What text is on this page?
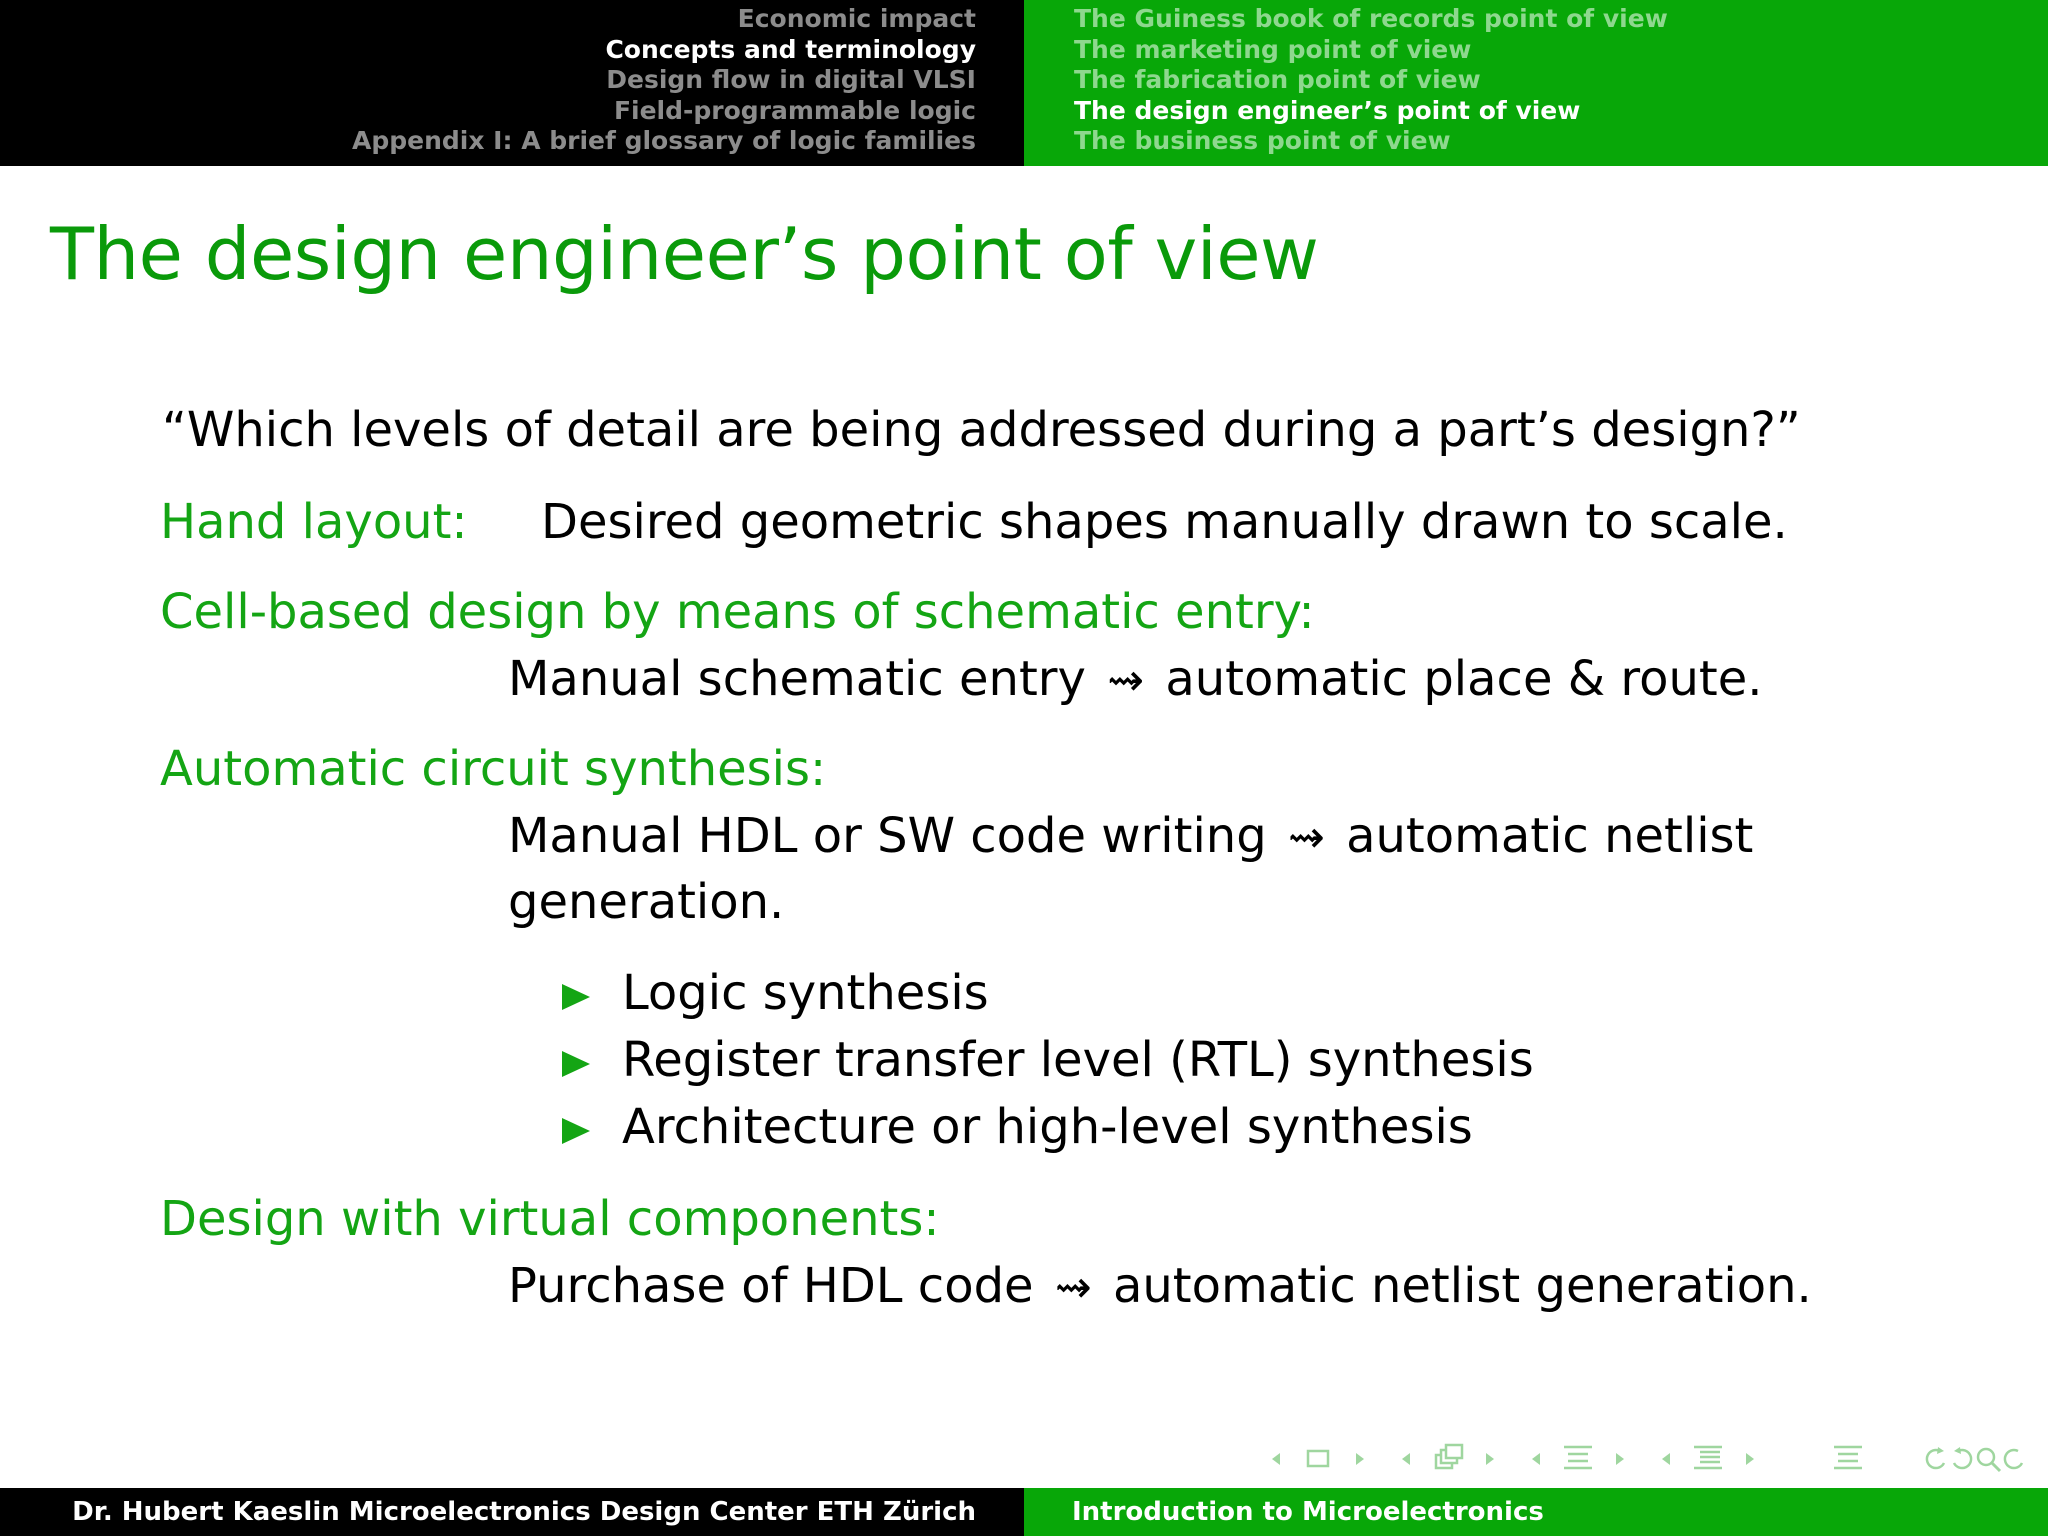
Economic impact
Concepts and terminology
Design flow in digital VLSI
Field-programmable logic
Appendix I: A brief glossary of logic families
The Guiness book of records point of view
The marketing point of view
The fabrication point of view
The design engineer’s point of view
The business point of view
The design engineer’s point of view
“Which levels of detail are being addressed during a part’s design?”
Hand layout: Desired geometric shapes manually drawn to scale.
Cell-based design by means of schematic entry:
Manual schematic entry ⇝ automatic place & route.
Automatic circuit synthesis:
Manual HDL or SW code writing ⇝ automatic netlist
generation.
Logic synthesis
Register transfer level (RTL) synthesis
Architecture or high-level synthesis
Design with virtual components:
Purchase of HDL code ⇝ automatic netlist generation.
Dr. Hubert Kaeslin Microelectronics Design Center ETH Zürich	Introduction to Microelectronics
